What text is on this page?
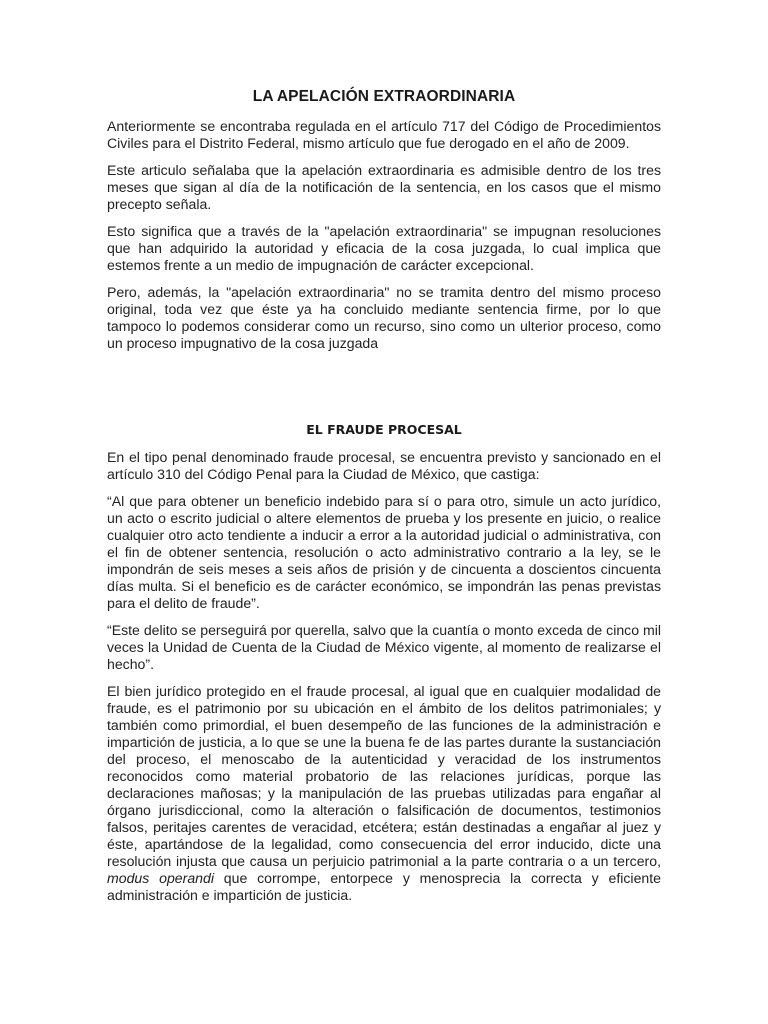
LA APELACIÓN EXTRAORDINARIA

Anteriormente se encontraba regulada en el artículo 717 del Código de Procedimientos Civiles para el Distrito Federal, mismo artículo que fue derogado en el año de 2009.

Este articulo señalaba que la apelación extraordinaria es admisible dentro de los tres meses que sigan al día de la notificación de la sentencia, en los casos que el mismo precepto señala.

Esto significa que a través de la "apelación extraordinaria" se impugnan resoluciones que han adquirido la autoridad y eficacia de la cosa juzgada, lo cual implica que estemos frente a un medio de impugnación de carácter excepcional.

Pero, además, la "apelación extraordinaria" no se tramita dentro del mismo proceso original, toda vez que éste ya ha concluido mediante sentencia firme, por lo que tampoco lo podemos considerar como un recurso, sino como un ulterior proceso, como un proceso impugnativo de la cosa juzgada

EL FRAUDE PROCESAL

En el tipo penal denominado fraude procesal, se encuentra previsto y sancionado en el artículo 310 del Código Penal para la Ciudad de México, que castiga:

“Al que para obtener un beneficio indebido para sí o para otro, simule un acto jurídico, un acto o escrito judicial o altere elementos de prueba y los presente en juicio, o realice cualquier otro acto tendiente a inducir a error a la autoridad judicial o administrativa, con el fin de obtener sentencia, resolución o acto administrativo contrario a la ley, se le impondrán de seis meses a seis años de prisión y de cincuenta a doscientos cincuenta días multa. Si el beneficio es de carácter económico, se impondrán las penas previstas para el delito de fraude”.

“Este delito se perseguirá por querella, salvo que la cuantía o monto exceda de cinco mil veces la Unidad de Cuenta de la Ciudad de México vigente, al momento de realizarse el hecho”.

El bien jurídico protegido en el fraude procesal, al igual que en cualquier modalidad de fraude, es el patrimonio por su ubicación en el ámbito de los delitos patrimoniales; y también como primordial, el buen desempeño de las funciones de la administración e impartición de justicia, a lo que se une la buena fe de las partes durante la sustanciación del proceso, el menoscabo de la autenticidad y veracidad de los instrumentos reconocidos como material probatorio de las relaciones jurídicas, porque las declaraciones mañosas; y la manipulación de las pruebas utilizadas para engañar al órgano jurisdiccional, como la alteración o falsificación de documentos, testimonios falsos, peritajes carentes de veracidad, etcétera; están destinadas a engañar al juez y éste, apartándose de la legalidad, como consecuencia del error inducido, dicte una resolución injusta que causa un perjuicio patrimonial a la parte contraria o a un tercero, modus operandi que corrompe, entorpece y menosprecia la correcta y eficiente administración e impartición de justicia.
